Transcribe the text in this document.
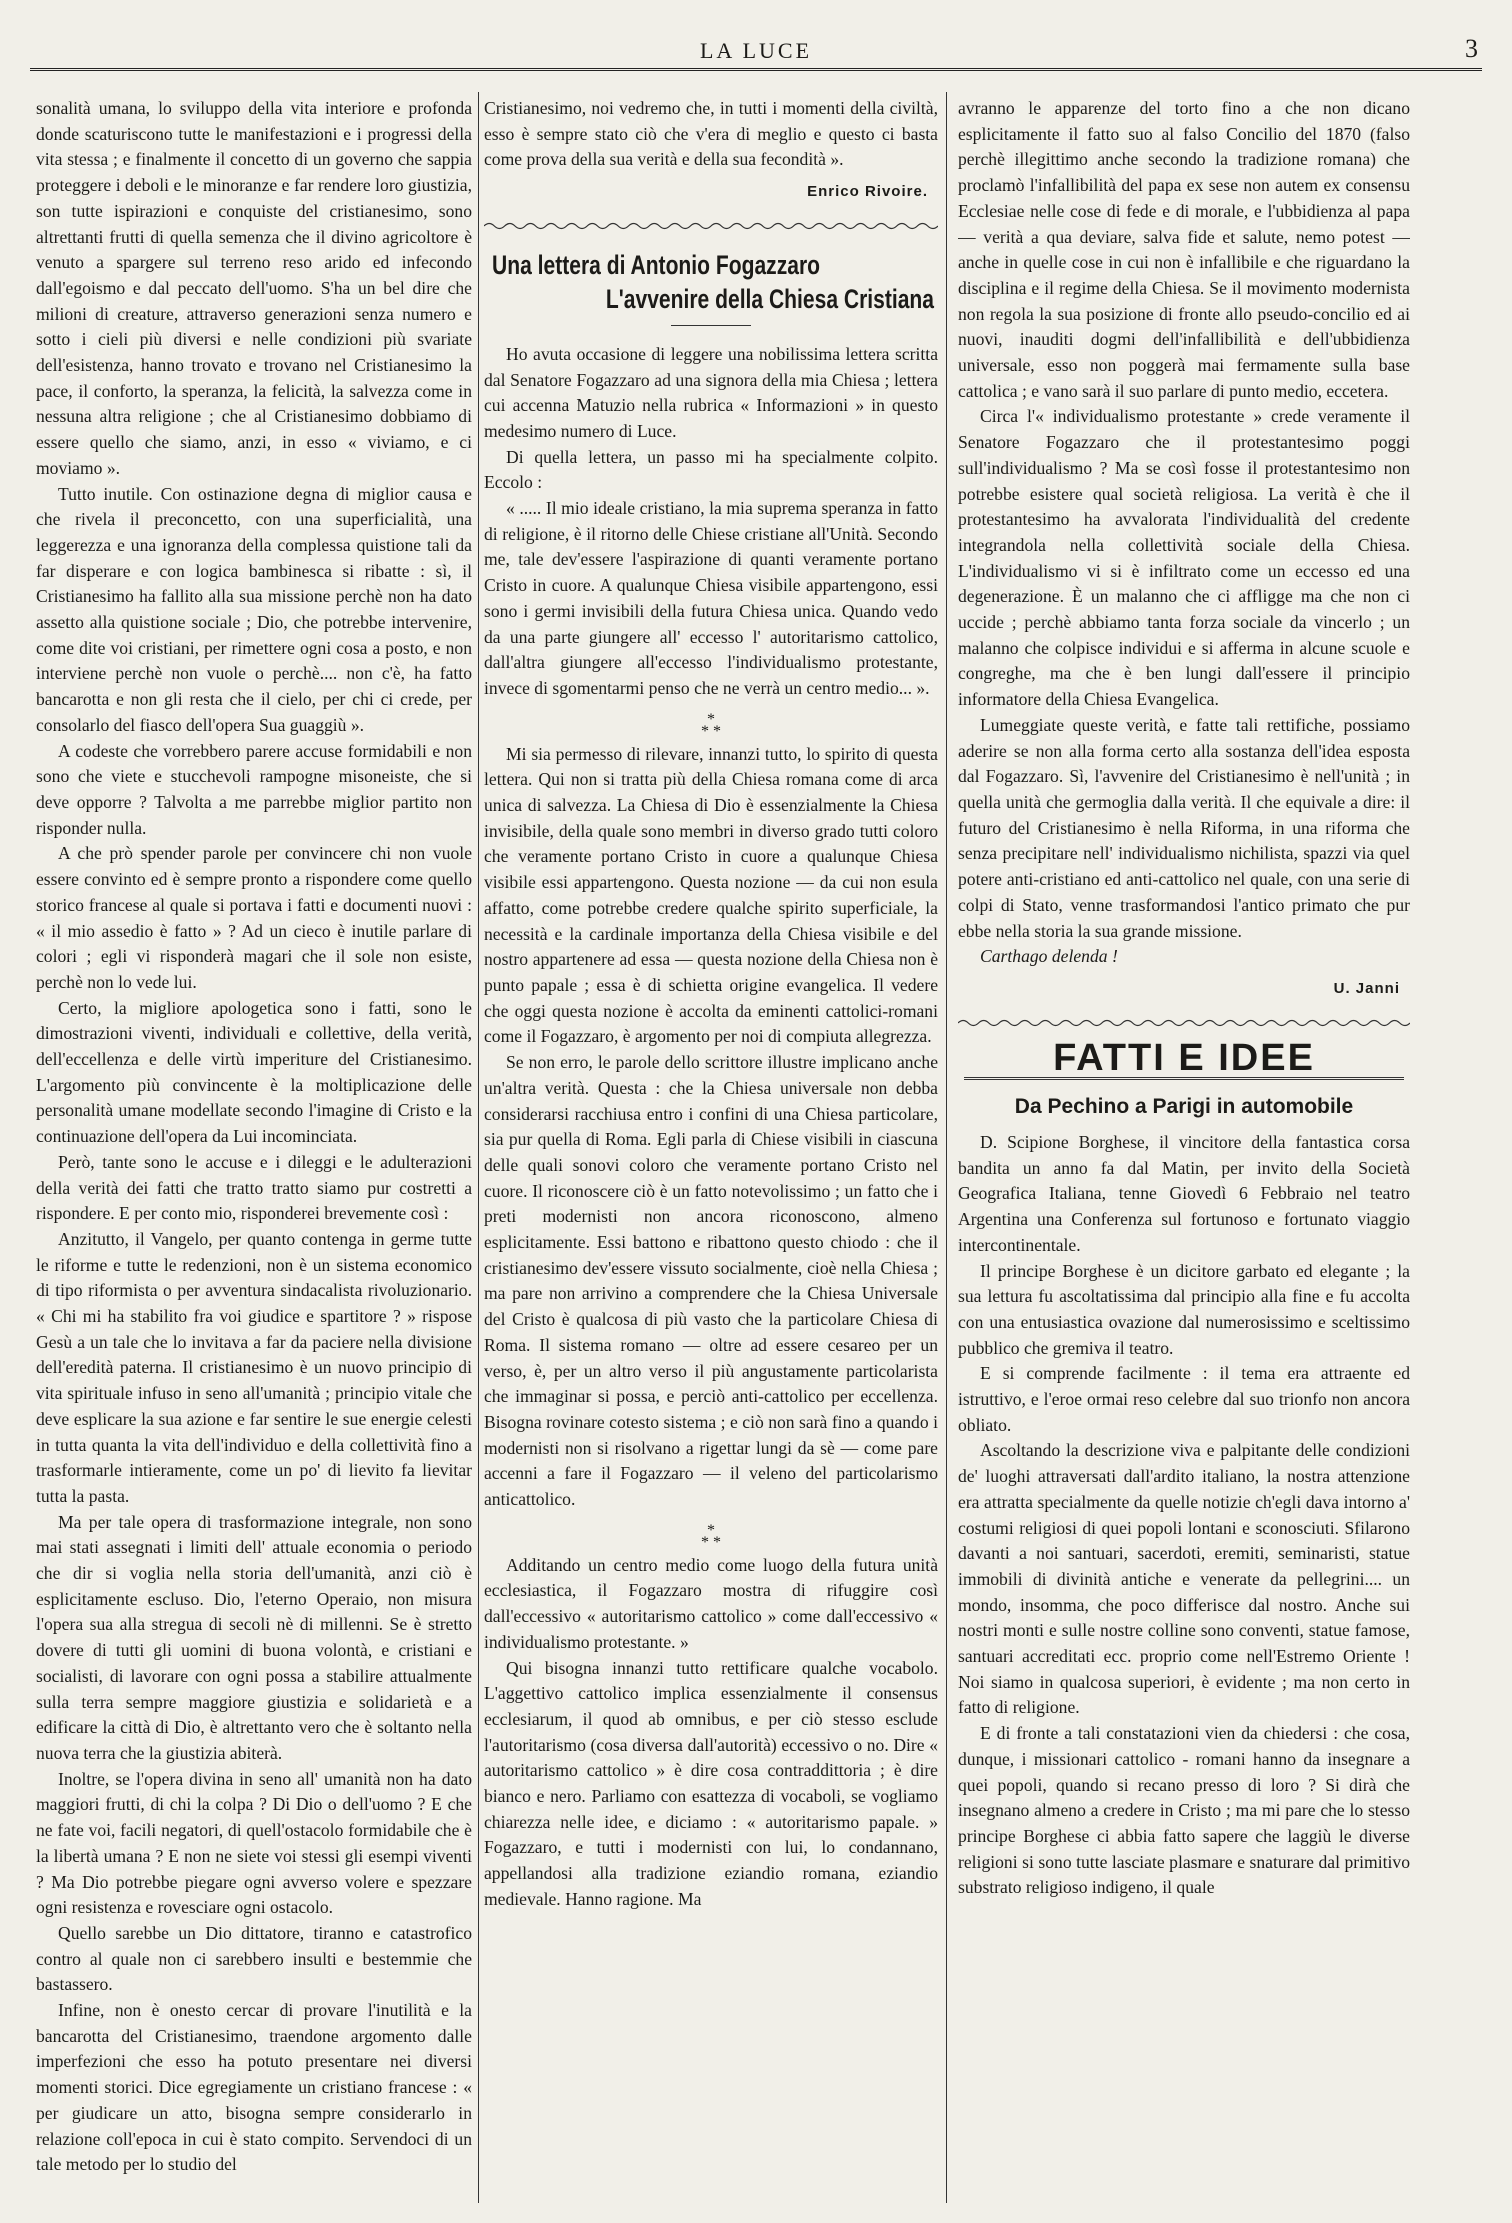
LA LUCE	3

sonalità umana, lo sviluppo della vita interiore e profonda donde scaturiscono tutte le manifestazioni e i progressi della vita stessa ; e finalmente il concetto di un governo che sappia proteggere i deboli e le minoranze e far rendere loro giustizia, son tutte ispirazioni e conquiste del cristianesimo, sono altrettanti frutti di quella semenza che il divino agricoltore è venuto a spargere sul terreno reso arido ed infecondo dall'egoismo e dal peccato dell'uomo. S'ha un bel dire che milioni di creature, attraverso generazioni senza numero e sotto i cieli più diversi e nelle condizioni più svariate dell'esistenza, hanno trovato e trovano nel Cristianesimo la pace, il conforto, la speranza, la felicità, la salvezza come in nessuna altra religione ; che al Cristianesimo dobbiamo di essere quello che siamo, anzi, in esso « viviamo, e ci moviamo ».

Tutto inutile. Con ostinazione degna di miglior causa e che rivela il preconcetto, con una superficialità, una leggerezza e una ignoranza della complessa quistione tali da far disperare e con logica bambinesca si ribatte : sì, il Cristianesimo ha fallito alla sua missione perchè non ha dato assetto alla quistione sociale ; Dio, che potrebbe intervenire, come dite voi cristiani, per rimettere ogni cosa a posto, e non interviene perchè non vuole o perchè.... non c'è, ha fatto bancarotta e non gli resta che il cielo, per chi ci crede, per consolarlo del fiasco dell'opera Sua guaggiù ».

A codeste che vorrebbero parere accuse formidabili e non sono che viete e stucchevoli rampogne misoneiste, che si deve opporre ? Talvolta a me parrebbe miglior partito non risponder nulla.

A che prò spender parole per convincere chi non vuole essere convinto ed è sempre pronto a rispondere come quello storico francese al quale si portava i fatti e documenti nuovi : « il mio assedio è fatto » ? Ad un cieco è inutile parlare di colori ; egli vi risponderà magari che il sole non esiste, perchè non lo vede lui.

Certo, la migliore apologetica sono i fatti, sono le dimostrazioni viventi, individuali e collettive, della verità, dell'eccellenza e delle virtù imperiture del Cristianesimo. L'argomento più convincente è la moltiplicazione delle personalità umane modellate secondo l'imagine di Cristo e la continuazione dell'opera da Lui incominciata.

Però, tante sono le accuse e i dileggi e le adulterazioni della verità dei fatti che tratto tratto siamo pur costretti a rispondere. E per conto mio, risponderei brevemente così :

Anzitutto, il Vangelo, per quanto contenga in germe tutte le riforme e tutte le redenzioni, non è un sistema economico di tipo riformista o per avventura sindacalista rivoluzionario. « Chi mi ha stabilito fra voi giudice e spartitore ? » rispose Gesù a un tale che lo invitava a far da paciere nella divisione dell'eredità paterna. Il cristianesimo è un nuovo principio di vita spirituale infuso in seno all'umanità ; principio vitale che deve esplicare la sua azione e far sentire le sue energie celesti in tutta quanta la vita dell'individuo e della collettività fino a trasformarle intieramente, come un po' di lievito fa lievitar tutta la pasta.

Ma per tale opera di trasformazione integrale, non sono mai stati assegnati i limiti dell' attuale economia o periodo che dir si voglia nella storia dell'umanità, anzi ciò è esplicitamente escluso. Dio, l'eterno Operaio, non misura l'opera sua alla stregua di secoli nè di millenni. Se è stretto dovere di tutti gli uomini di buona volontà, e cristiani e socialisti, di lavorare con ogni possa a stabilire attualmente sulla terra sempre maggiore giustizia e solidarietà e a edificare la città di Dio, è altrettanto vero che è soltanto nella nuova terra che la giustizia abiterà.

Inoltre, se l'opera divina in seno all' umanità non ha dato maggiori frutti, di chi la colpa ? Di Dio o dell'uomo ? E che ne fate voi, facili negatori, di quell'ostacolo formidabile che è la libertà umana ? E non ne siete voi stessi gli esempi viventi ? Ma Dio potrebbe piegare ogni avverso volere e spezzare ogni resistenza e rovesciare ogni ostacolo.

Quello sarebbe un Dio dittatore, tiranno e catastrofico contro al quale non ci sarebbero insulti e bestemmie che bastassero.

Infine, non è onesto cercar di provare l'inutilità e la bancarotta del Cristianesimo, traendone argomento dalle imperfezioni che esso ha potuto presentare nei diversi momenti storici. Dice egregiamente un cristiano francese : « per giudicare un atto, bisogna sempre considerarlo in relazione coll'epoca in cui è stato compito. Servendoci di un tale metodo per lo studio del

Cristianesimo, noi vedremo che, in tutti i momenti della civiltà, esso è sempre stato ciò che v'era di meglio e questo ci basta come prova della sua verità e della sua fecondità ».

Enrico Rivoire.
Una lettera di Antonio Fogazzaro
L'avvenire della Chiesa Cristiana

Ho avuta occasione di leggere una nobilissima lettera scritta dal Senatore Fogazzaro ad una signora della mia Chiesa ; lettera cui accenna Matuzio nella rubrica « Informazioni » in questo medesimo numero di Luce.

Di quella lettera, un passo mi ha specialmente colpito. Eccolo :

« ..... Il mio ideale cristiano, la mia suprema speranza in fatto di religione, è il ritorno delle Chiese cristiane all'Unità. Secondo me, tale dev'essere l'aspirazione di quanti veramente portano Cristo in cuore. A qualunque Chiesa visibile appartengono, essi sono i germi invisibili della futura Chiesa unica. Quando vedo da una parte giungere all' eccesso l' autoritarismo cattolico, dall'altra giungere all'eccesso l'individualismo protestante, invece di sgomentarmi penso che ne verrà un centro medio... ».

*
* *

Mi sia permesso di rilevare, innanzi tutto, lo spirito di questa lettera. Qui non si tratta più della Chiesa romana come di arca unica di salvezza. La Chiesa di Dio è essenzialmente la Chiesa invisibile, della quale sono membri in diverso grado tutti coloro che veramente portano Cristo in cuore a qualunque Chiesa visibile essi appartengono. Questa nozione — da cui non esula affatto, come potrebbe credere qualche spirito superficiale, la necessità e la cardinale importanza della Chiesa visibile e del nostro appartenere ad essa — questa nozione della Chiesa non è punto papale ; essa è di schietta origine evangelica. Il vedere che oggi questa nozione è accolta da eminenti cattolici-romani come il Fogazzaro, è argomento per noi di compiuta allegrezza.

Se non erro, le parole dello scrittore illustre implicano anche un'altra verità. Questa : che la Chiesa universale non debba considerarsi racchiusa entro i confini di una Chiesa particolare, sia pur quella di Roma. Egli parla di Chiese visibili in ciascuna delle quali sonovi coloro che veramente portano Cristo nel cuore. Il riconoscere ciò è un fatto notevolissimo ; un fatto che i preti modernisti non ancora riconoscono, almeno esplicitamente. Essi battono e ribattono questo chiodo : che il cristianesimo dev'essere vissuto socialmente, cioè nella Chiesa ; ma pare non arrivino a comprendere che la Chiesa Universale del Cristo è qualcosa di più vasto che la particolare Chiesa di Roma. Il sistema romano — oltre ad essere cesareo per un verso, è, per un altro verso il più angustamente particolarista che immaginar si possa, e perciò anti-cattolico per eccellenza. Bisogna rovinare cotesto sistema ; e ciò non sarà fino a quando i modernisti non si risolvano a rigettar lungi da sè — come pare accenni a fare il Fogazzaro — il veleno del particolarismo anticattolico.

*
* *

Additando un centro medio come luogo della futura unità ecclesiastica, il Fogazzaro mostra di rifuggire così dall'eccessivo « autoritarismo cattolico » come dall'eccessivo « individualismo protestante. »

Qui bisogna innanzi tutto rettificare qualche vocabolo. L'aggettivo cattolico implica essenzialmente il consensus ecclesiarum, il quod ab omnibus, e per ciò stesso esclude l'autoritarismo (cosa diversa dall'autorità) eccessivo o no. Dire « autoritarismo cattolico » è dire cosa contraddittoria ; è dire bianco e nero. Parliamo con esattezza di vocaboli, se vogliamo chiarezza nelle idee, e diciamo : « autoritarismo papale. » Fogazzaro, e tutti i modernisti con lui, lo condannano, appellandosi alla tradizione eziandio romana, eziandio medievale. Hanno ragione. Ma

avranno le apparenze del torto fino a che non dicano esplicitamente il fatto suo al falso Concilio del 1870 (falso perchè illegittimo anche secondo la tradizione romana) che proclamò l'infallibilità del papa ex sese non autem ex consensu Ecclesiae nelle cose di fede e di morale, e l'ubbidienza al papa — verità a qua deviare, salva fide et salute, nemo potest — anche in quelle cose in cui non è infallibile e che riguardano la disciplina e il regime della Chiesa. Se il movimento modernista non regola la sua posizione di fronte allo pseudo-concilio ed ai nuovi, inauditi dogmi dell'infallibilità e dell'ubbidienza universale, esso non poggerà mai fermamente sulla base cattolica ; e vano sarà il suo parlare di punto medio, eccetera.

Circa l'« individualismo protestante » crede veramente il Senatore Fogazzaro che il protestantesimo poggi sull'individualismo ? Ma se così fosse il protestantesimo non potrebbe esistere qual società religiosa. La verità è che il protestantesimo ha avvalorata l'individualità del credente integrandola nella collettività sociale della Chiesa. L'individualismo vi si è infiltrato come un eccesso ed una degenerazione. È un malanno che ci affligge ma che non ci uccide ; perchè abbiamo tanta forza sociale da vincerlo ; un malanno che colpisce individui e si afferma in alcune scuole e congreghe, ma che è ben lungi dall'essere il principio informatore della Chiesa Evangelica.

Lumeggiate queste verità, e fatte tali rettifiche, possiamo aderire se non alla forma certo alla sostanza dell'idea esposta dal Fogazzaro. Sì, l'avvenire del Cristianesimo è nell'unità ; in quella unità che germoglia dalla verità. Il che equivale a dire: il futuro del Cristianesimo è nella Riforma, in una riforma che senza precipitare nell' individualismo nichilista, spazzi via quel potere anti-cristiano ed anti-cattolico nel quale, con una serie di colpi di Stato, venne trasformandosi l'antico primato che pur ebbe nella storia la sua grande missione.

Carthago delenda !

U. Janni
FATTI E IDEE
Da Pechino a Parigi in automobile

D. Scipione Borghese, il vincitore della fantastica corsa bandita un anno fa dal Matin, per invito della Società Geografica Italiana, tenne Giovedì 6 Febbraio nel teatro Argentina una Conferenza sul fortunoso e fortunato viaggio intercontinentale.

Il principe Borghese è un dicitore garbato ed elegante ; la sua lettura fu ascoltatissima dal principio alla fine e fu accolta con una entusiastica ovazione dal numerosissimo e sceltissimo pubblico che gremiva il teatro.

E si comprende facilmente : il tema era attraente ed istruttivo, e l'eroe ormai reso celebre dal suo trionfo non ancora obliato.

Ascoltando la descrizione viva e palpitante delle condizioni de' luoghi attraversati dall'ardito italiano, la nostra attenzione era attratta specialmente da quelle notizie ch'egli dava intorno a' costumi religiosi di quei popoli lontani e sconosciuti. Sfilarono davanti a noi santuari, sacerdoti, eremiti, seminaristi, statue immobili di divinità antiche e venerate da pellegrini.... un mondo, insomma, che poco differisce dal nostro. Anche sui nostri monti e sulle nostre colline sono conventi, statue famose, santuari accreditati ecc. proprio come nell'Estremo Oriente ! Noi siamo in qualcosa superiori, è evidente ; ma non certo in fatto di religione.

E di fronte a tali constatazioni vien da chiedersi : che cosa, dunque, i missionari cattolico - romani hanno da insegnare a quei popoli, quando si recano presso di loro ? Si dirà che insegnano almeno a credere in Cristo ; ma mi pare che lo stesso principe Borghese ci abbia fatto sapere che laggiù le diverse religioni si sono tutte lasciate plasmare e snaturare dal primitivo substrato religioso indigeno, il quale
